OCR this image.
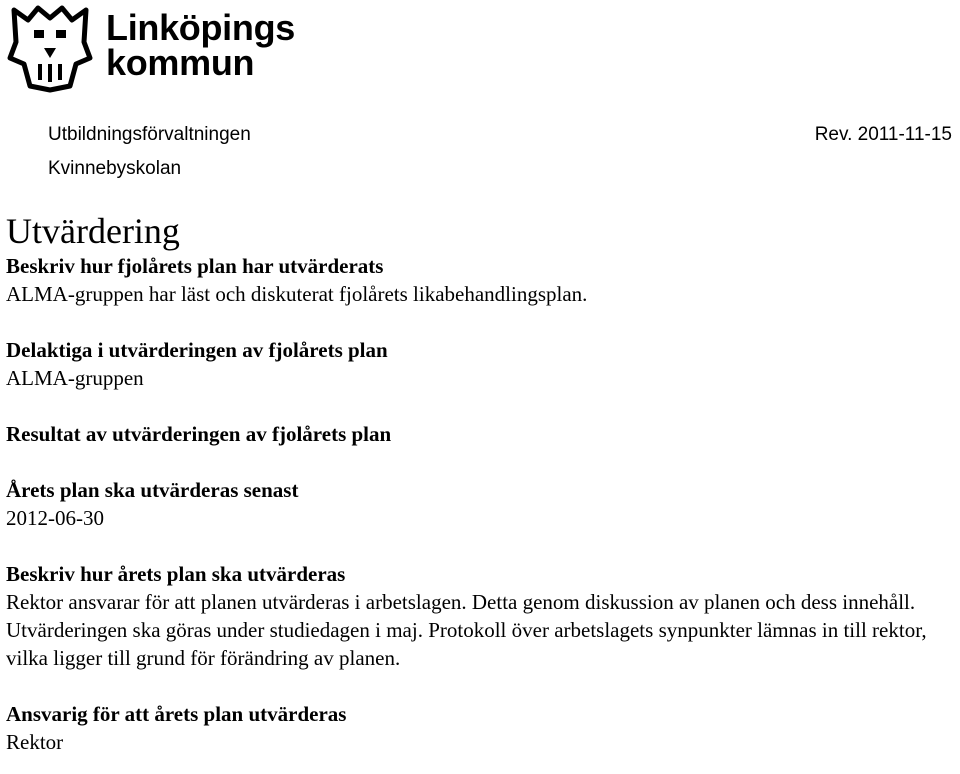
Linköpings
kommun
Utbildningsförvaltningen
Kvinnebyskolan
Rev. 2011-11-15
Utvärdering
Beskriv hur fjolårets plan har utvärderats
ALMA-gruppen har läst och diskuterat fjolårets likabehandlingsplan.
Delaktiga i utvärderingen av fjolårets plan
ALMA-gruppen
Resultat av utvärderingen av fjolårets plan
Årets plan ska utvärderas senast
2012-06-30
Beskriv hur årets plan ska utvärderas
Rektor ansvarar för att planen utvärderas i arbetslagen. Detta genom diskussion av planen och dess innehåll. Utvärderingen ska göras under studiedagen i maj. Protokoll över arbetslagets synpunkter lämnas in till rektor, vilka ligger till grund för förändring av planen.
Ansvarig för att årets plan utvärderas
Rektor
